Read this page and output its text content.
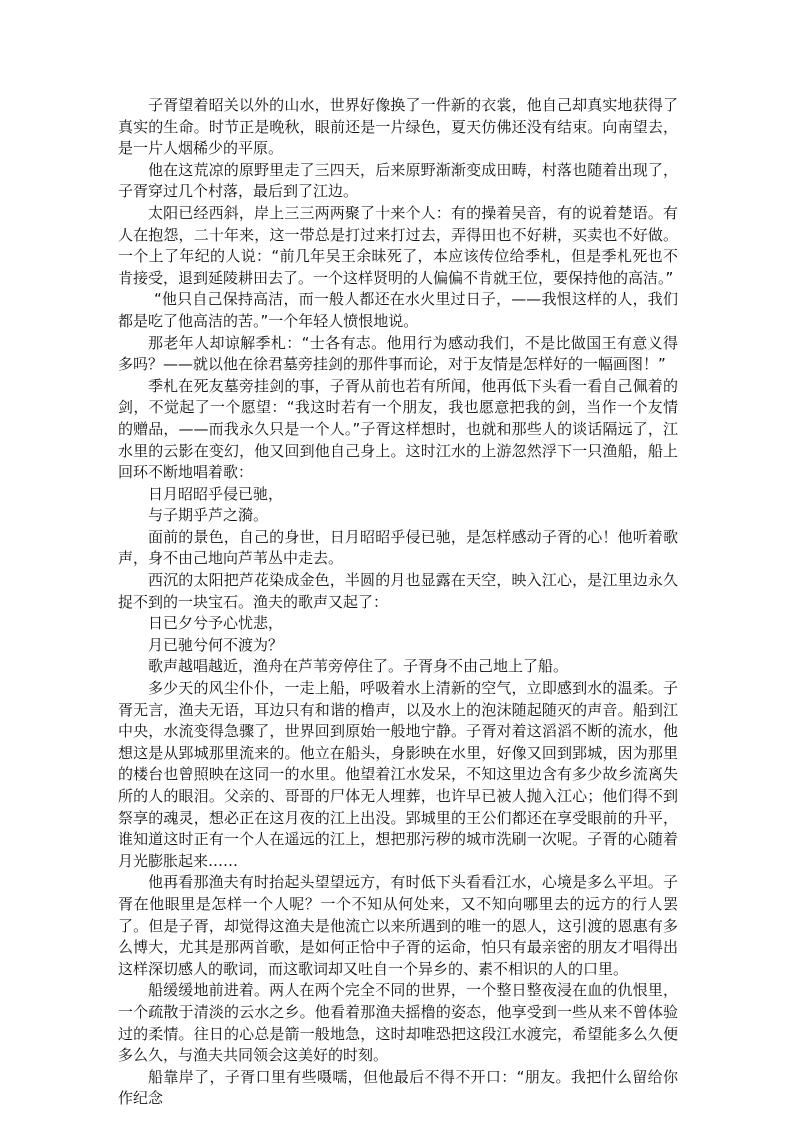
子胥望着昭关以外的山水，世界好像换了一件新的衣裳，他自己却真实地获得了真实的生命。时节正是晚秋，眼前还是一片绿色，夏天仿佛还没有结束。向南望去，是一片人烟稀少的平原。

他在这荒凉的原野里走了三四天，后来原野渐渐变成田畴，村落也随着出现了，子胥穿过几个村落，最后到了江边。

太阳已经西斜，岸上三三两两聚了十来个人：有的操着吴音，有的说着楚语。有人在抱怨，二十年来，这一带总是打过来打过去，弄得田也不好耕，买卖也不好做。一个上了年纪的人说：“前几年吴王余昧死了，本应该传位给季札，但是季札死也不肯接受，退到延陵耕田去了。一个这样贤明的人偏偏不肯就王位，要保持他的高洁。”

“他只自己保持高洁，而一般人都还在水火里过日子，——我恨这样的人，我们都是吃了他高洁的苦。”一个年轻人愤恨地说。

那老年人却谅解季札：“士各有志。他用行为感动我们，不是比做国王有意义得多吗？——就以他在徐君墓旁挂剑的那件事而论，对于友情是怎样好的一幅画图！”

季札在死友墓旁挂剑的事，子胥从前也若有所闻，他再低下头看一看自己佩着的剑，不觉起了一个愿望：“我这时若有一个朋友，我也愿意把我的剑，当作一个友情的赠品，——而我永久只是一个人。”子胥这样想时，也就和那些人的谈话隔远了，江水里的云影在变幻，他又回到他自己身上。这时江水的上游忽然浮下一只渔船，船上回环不断地唱着歌：

日月昭昭乎侵已驰，

与子期乎芦之漪。

面前的景色，自己的身世，日月昭昭乎侵已驰，是怎样感动子胥的心！他听着歌声，身不由己地向芦苇丛中走去。

西沉的太阳把芦花染成金色，半圆的月也显露在天空，映入江心，是江里边永久捉不到的一块宝石。渔夫的歌声又起了：

日已夕兮予心忧悲，

月已驰兮何不渡为？

歌声越唱越近，渔舟在芦苇旁停住了。子胥身不由己地上了船。

多少天的风尘仆仆，一走上船，呼吸着水上清新的空气，立即感到水的温柔。子胥无言，渔夫无语，耳边只有和谐的橹声，以及水上的泡沫随起随灭的声音。船到江中央，水流变得急骤了，世界回到原始一般地宁静。子胥对着这滔滔不断的流水，他想这是从郢城那里流来的。他立在船头，身影映在水里，好像又回到郢城，因为那里的楼台也曾照映在这同一的水里。他望着江水发呆，不知这里边含有多少故乡流离失所的人的眼泪。父亲的、哥哥的尸体无人埋葬，也许早已被人抛入江心；他们得不到祭享的魂灵，想必正在这月夜的江上出没。郢城里的王公们都还在享受眼前的升平，谁知道这时正有一个人在遥远的江上，想把那污秽的城市洗刷一次呢。子胥的心随着月光膨胀起来……

他再看那渔夫有时抬起头望望远方，有时低下头看看江水，心境是多么平坦。子胥在他眼里是怎样一个人呢？一个不知从何处来，又不知向哪里去的远方的行人罢了。但是子胥，却觉得这渔夫是他流亡以来所遇到的唯一的恩人，这引渡的恩惠有多么博大，尤其是那两首歌，是如何正恰中子胥的运命，怕只有最亲密的朋友才唱得出这样深切感人的歌词，而这歌词却又吐自一个异乡的、素不相识的人的口里。

船缓缓地前进着。两人在两个完全不同的世界，一个整日整夜浸在血的仇恨里，一个疏散于清淡的云水之乡。他看着那渔夫摇橹的姿态，他享受到一些从来不曾体验过的柔情。往日的心总是箭一般地急，这时却唯恐把这段江水渡完，希望能多么久便多么久，与渔夫共同领会这美好的时刻。

船靠岸了，子胥口里有些嗫嚅，但他最后不得不开口：“朋友。我把什么留给你作纪念
